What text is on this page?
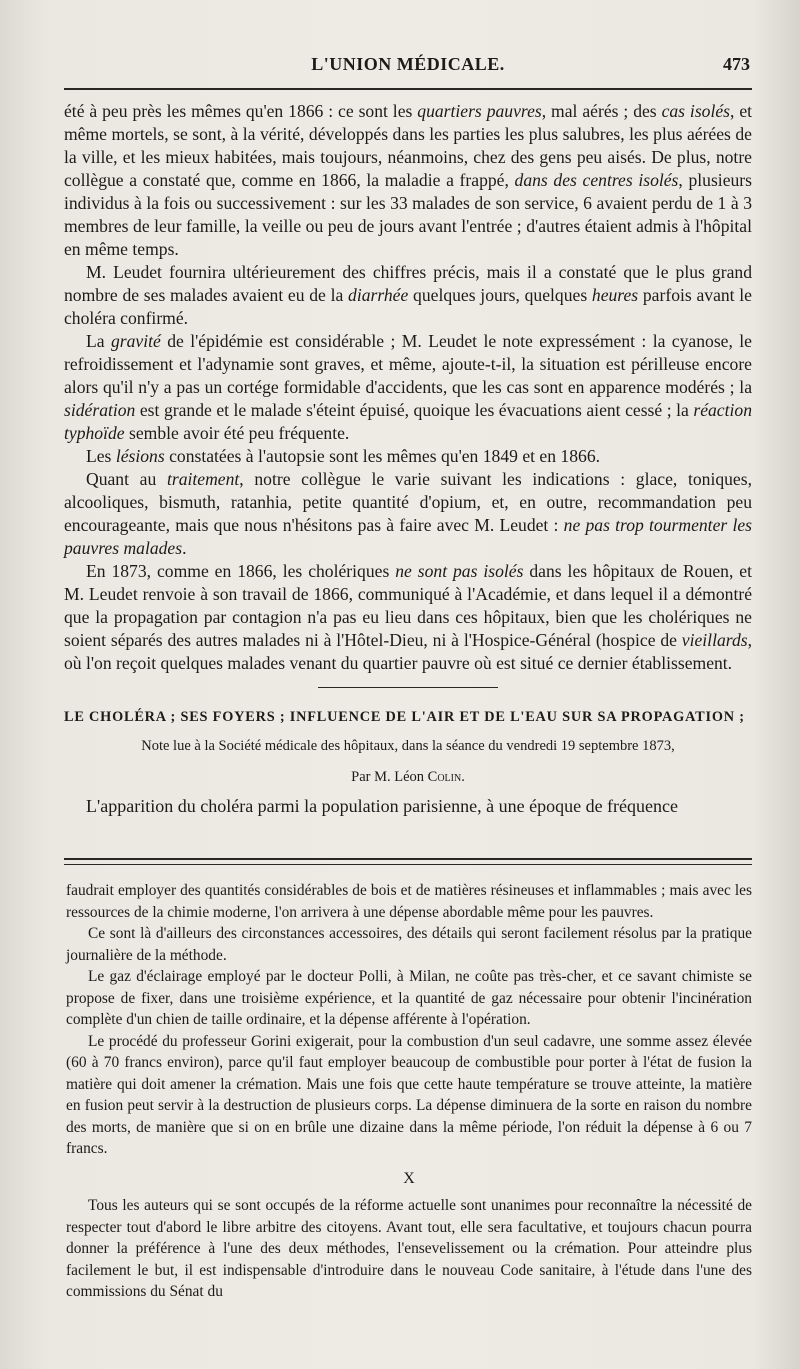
L'UNION MÉDICALE.	473

été à peu près les mêmes qu'en 1866 : ce sont les quartiers pauvres, mal aérés ; des cas isolés, et même mortels, se sont, à la vérité, développés dans les parties les plus salubres, les plus aérées de la ville, et les mieux habitées, mais toujours, néanmoins, chez des gens peu aisés. De plus, notre collègue a constaté que, comme en 1866, la maladie a frappé, dans des centres isolés, plusieurs individus à la fois ou successivement : sur les 33 malades de son service, 6 avaient perdu de 1 à 3 membres de leur famille, la veille ou peu de jours avant l'entrée ; d'autres étaient admis à l'hôpital en même temps.

M. Leudet fournira ultérieurement des chiffres précis, mais il a constaté que le plus grand nombre de ses malades avaient eu de la diarrhée quelques jours, quelques heures parfois avant le choléra confirmé.

La gravité de l'épidémie est considérable ; M. Leudet le note expressément : la cyanose, le refroidissement et l'adynamie sont graves, et même, ajoute-t-il, la situation est périlleuse encore alors qu'il n'y a pas un cortége formidable d'accidents, que les cas sont en apparence modérés ; la sidération est grande et le malade s'éteint épuisé, quoique les évacuations aient cessé ; la réaction typhoïde semble avoir été peu fréquente.

Les lésions constatées à l'autopsie sont les mêmes qu'en 1849 et en 1866.

Quant au traitement, notre collègue le varie suivant les indications : glace, toniques, alcooliques, bismuth, ratanhia, petite quantité d'opium, et, en outre, recommandation peu encourageante, mais que nous n'hésitons pas à faire avec M. Leudet : ne pas trop tourmenter les pauvres malades.

En 1873, comme en 1866, les cholériques ne sont pas isolés dans les hôpitaux de Rouen, et M. Leudet renvoie à son travail de 1866, communiqué à l'Académie, et dans lequel il a démontré que la propagation par contagion n'a pas eu lieu dans ces hôpitaux, bien que les cholériques ne soient séparés des autres malades ni à l'Hôtel-Dieu, ni à l'Hospice-Général (hospice de vieillards, où l'on reçoit quelques malades venant du quartier pauvre où est situé ce dernier établissement.

LE CHOLÉRA ; SES FOYERS ; INFLUENCE DE L'AIR ET DE L'EAU SUR SA PROPAGATION ;
Note lue à la Société médicale des hôpitaux, dans la séance du vendredi 19 septembre 1873,
Par M. Léon Colin.

L'apparition du choléra parmi la population parisienne, à une époque de fréquence

faudrait employer des quantités considérables de bois et de matières résineuses et inflammables ; mais avec les ressources de la chimie moderne, l'on arrivera à une dépense abordable même pour les pauvres.

Ce sont là d'ailleurs des circonstances accessoires, des détails qui seront facilement résolus par la pratique journalière de la méthode.

Le gaz d'éclairage employé par le docteur Polli, à Milan, ne coûte pas très-cher, et ce savant chimiste se propose de fixer, dans une troisième expérience, et la quantité de gaz nécessaire pour obtenir l'incinération complète d'un chien de taille ordinaire, et la dépense afférente à l'opération.

Le procédé du professeur Gorini exigerait, pour la combustion d'un seul cadavre, une somme assez élevée (60 à 70 francs environ), parce qu'il faut employer beaucoup de combustible pour porter à l'état de fusion la matière qui doit amener la crémation. Mais une fois que cette haute température se trouve atteinte, la matière en fusion peut servir à la destruction de plusieurs corps. La dépense diminuera de la sorte en raison du nombre des morts, de manière que si on en brûle une dizaine dans la même période, l'on réduit la dépense à 6 ou 7 francs.

X

Tous les auteurs qui se sont occupés de la réforme actuelle sont unanimes pour reconnaître la nécessité de respecter tout d'abord le libre arbitre des citoyens. Avant tout, elle sera facultative, et toujours chacun pourra donner la préférence à l'une des deux méthodes, l'ensevelissement ou la crémation. Pour atteindre plus facilement le but, il est indispensable d'introduire dans le nouveau Code sanitaire, à l'étude dans l'une des commissions du Sénat du
